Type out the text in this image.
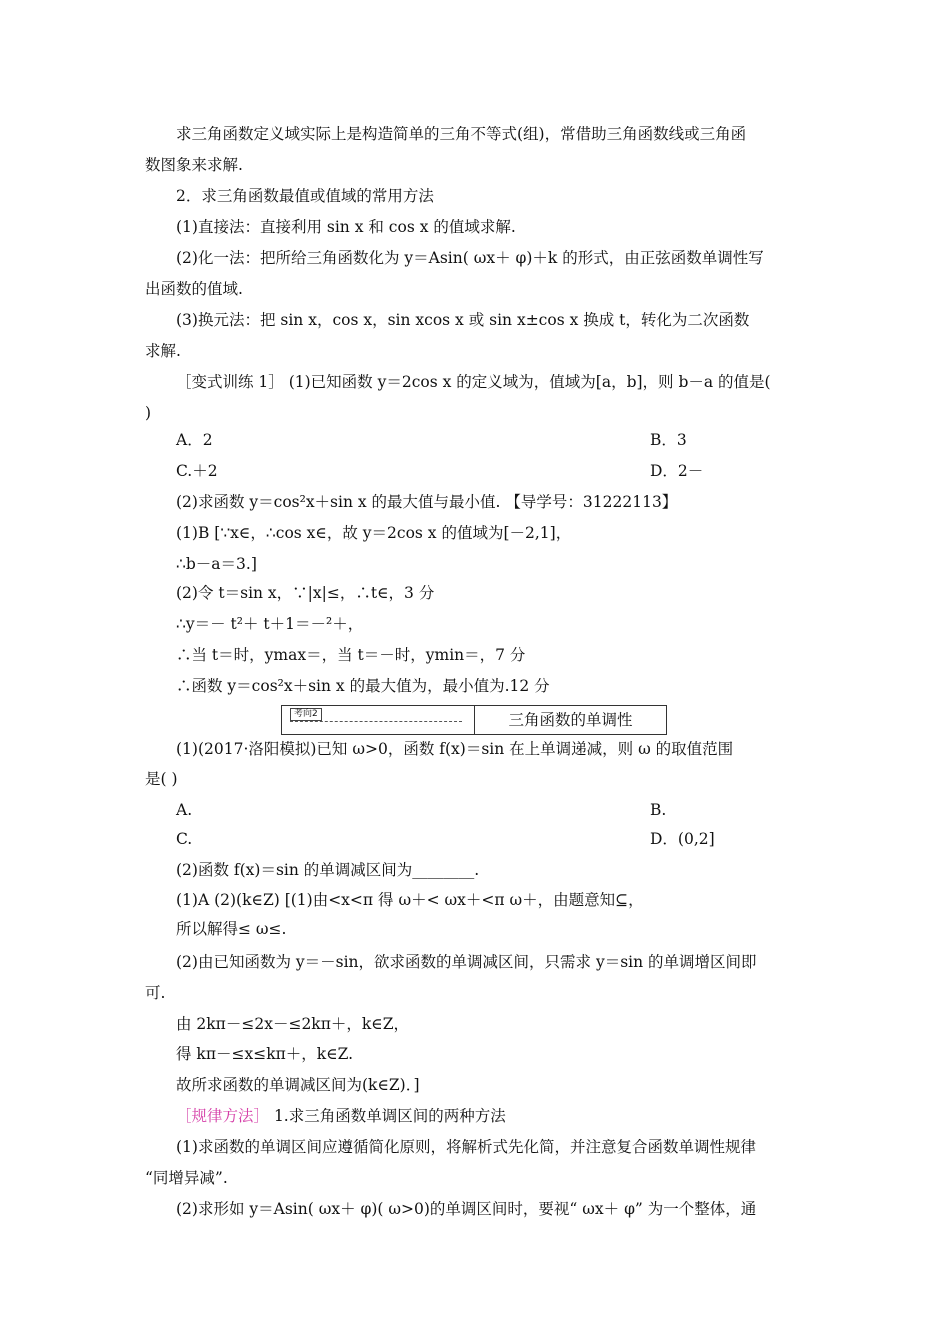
求三角函数定义域实际上是构造简单的三角不等式(组)，常借助三角函数线或三角函
数图象来求解.
2．求三角函数最值或值域的常用方法
(1)直接法：直接利用 sin x 和 cos x 的值域求解.
(2)化一法：把所给三角函数化为 y＝Asin( ωx＋ φ)＋k 的形式，由正弦函数单调性写
出函数的值域.
(3)换元法：把 sin x，cos x，sin xcos x 或 sin x±cos x 换成 t，转化为二次函数
求解.
［变式训练 1］ (1)已知函数 y＝2cos x 的定义域为，值域为[a，b]，则 b－a 的值是(
)
A．2	B．3
C.＋2	D．2－
(2)求函数 y＝cos²x＋sin x 的最大值与最小值. 【导学号：31222113】
(1)B [∵x∈，∴cos x∈，故 y＝2cos x 的值域为[－2,1]，
∴b－a＝3.]
(2)令 t＝sin x，∵|x|≤，∴t∈，3 分
∴y＝－ t²＋ t＋1＝－²＋，
∴当 t＝时，ymax＝，当 t＝－时，ymin＝，7 分
∴函数 y＝cos²x＋sin x 的最大值为，最小值为.12 分
考向2	三角函数的单调性
(1)(2017·洛阳模拟)已知 ω>0，函数 f(x)＝sin 在上单调递减，则 ω 的取值范围
是( )
A.	B.
C.	D．(0,2]
(2)函数 f(x)＝sin 的单调减区间为________.
(1)A (2)(k∈Z) [(1)由<x<π 得 ω＋< ωx＋<π ω＋，由题意知⊆，
所以解得≤ ω≤.
(2)由已知函数为 y＝－sin，欲求函数的单调减区间，只需求 y＝sin 的单调增区间即
可.
由 2kπ－≤2x－≤2kπ＋，k∈Z，
得 kπ－≤x≤kπ＋，k∈Z.
故所求函数的单调减区间为(k∈Z)．]
［规律方法］ 1.求三角函数单调区间的两种方法
(1)求函数的单调区间应遵循简化原则，将解析式先化简，并注意复合函数单调性规律
“同增异减”.
(2)求形如 y＝Asin( ωx＋ φ)( ω>0)的单调区间时，要视“ ωx＋ φ” 为一个整体，通
